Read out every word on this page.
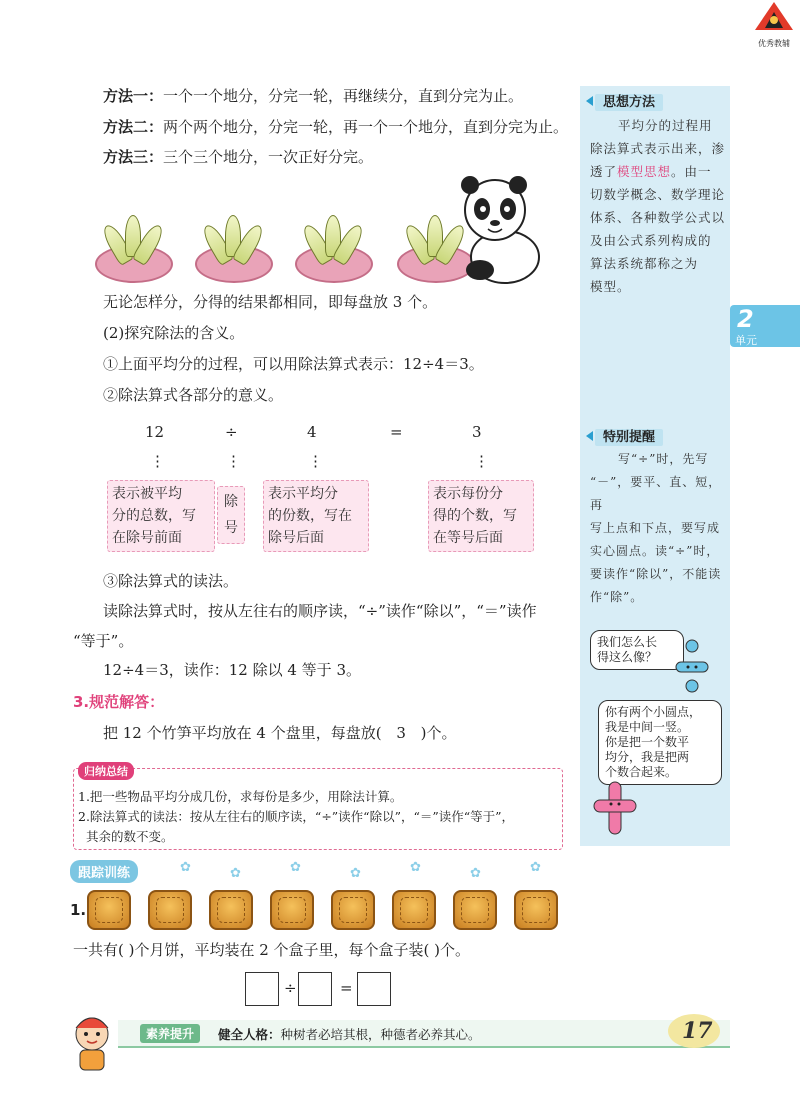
优秀教辅
方法一：一个一个地分，分完一轮，再继续分，直到分完为止。
方法二：两个两个地分，分完一轮，再一个一个地分，直到分完为止。
方法三：三个三个地分，一次正好分完。
无论怎样分，分得的结果都相同，即每盘放 3 个。
(2)探究除法的含义。
①上面平均分的过程，可以用除法算式表示：12÷4＝3。
②除法算式各部分的意义。
12	÷	4	=	3
⋮	⋮	⋮	⋮
表示被平均
分的总数，写
在除号前面
除
号
表示平均分
的份数，写在
除号后面
表示每份分
得的个数，写
在等号后面
③除法算式的读法。
读除法算式时，按从左往右的顺序读，“÷”读作“除以”，“＝”读作
“等于”。
12÷4＝3，读作：12 除以 4 等于 3。
3.规范解答：
把 12 个竹笋平均放在 4 个盘里，每盘放( 3 )个。
归纳总结
1.把一些物品平均分成几份，求每份是多少，用除法计算。
2.除法算式的读法：按从左往右的顺序读，“÷”读作“除以”，“＝”读作“等于”，
其余的数不变。
跟踪训练	✿	✿	✿	✿	✿	✿	✿
1.
一共有( )个月饼，平均装在 2 个盒子里，每个盒子装( )个。
÷	=
思想方法
平均分的过程用
除法算式表示出来，渗
透了模型思想。由一
切数学概念、数学理论
体系、各种数学公式以
及由公式系列构成的
算法系统都称之为
模型。
特别提醒
写“÷”时，先写
“－”，要平、直、短，再
写上点和下点，要写成
实心圆点。读“÷”时，
要读作“除以”，不能读
作“除”。
我们怎么长
得这么像？
你有两个小圆点，
我是中间一竖。
你是把一个数平
均分，我是把两
个数合起来。
2
单元
素养提升	健全人格：种树者必培其根，种德者必养其心。	17
